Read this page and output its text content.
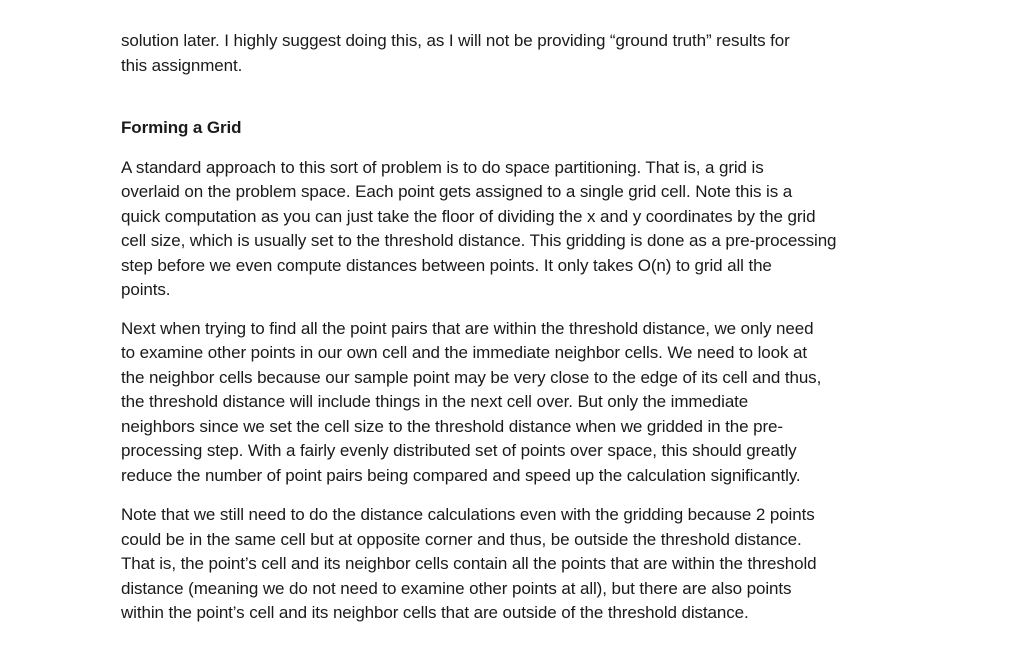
solution later. I highly suggest doing this, as I will not be providing “ground truth” results for
this assignment.

Forming a Grid

A standard approach to this sort of problem is to do space partitioning. That is, a grid is
overlaid on the problem space. Each point gets assigned to a single grid cell. Note this is a
quick computation as you can just take the floor of dividing the x and y coordinates by the grid
cell size, which is usually set to the threshold distance. This gridding is done as a pre-processing
step before we even compute distances between points. It only takes O(n) to grid all the
points.

Next when trying to find all the point pairs that are within the threshold distance, we only need
to examine other points in our own cell and the immediate neighbor cells. We need to look at
the neighbor cells because our sample point may be very close to the edge of its cell and thus,
the threshold distance will include things in the next cell over. But only the immediate
neighbors since we set the cell size to the threshold distance when we gridded in the pre-
processing step. With a fairly evenly distributed set of points over space, this should greatly
reduce the number of point pairs being compared and speed up the calculation significantly.

Note that we still need to do the distance calculations even with the gridding because 2 points
could be in the same cell but at opposite corner and thus, be outside the threshold distance.
That is, the point’s cell and its neighbor cells contain all the points that are within the threshold
distance (meaning we do not need to examine other points at all), but there are also points
within the point’s cell and its neighbor cells that are outside of the threshold distance.
